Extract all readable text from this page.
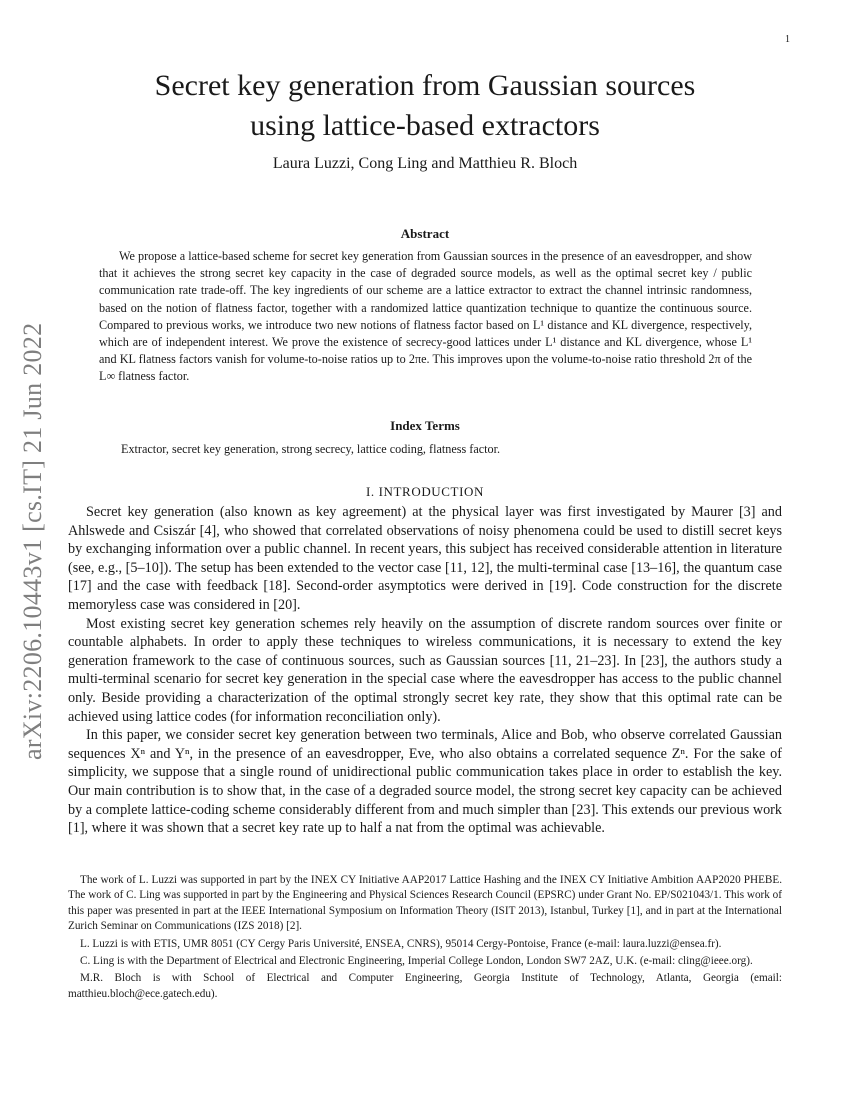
1
arXiv:2206.10443v1 [cs.IT] 21 Jun 2022
Secret key generation from Gaussian sources
using lattice-based extractors
Laura Luzzi, Cong Ling and Matthieu R. Bloch
Abstract

We propose a lattice-based scheme for secret key generation from Gaussian sources in the presence of an eavesdropper, and show that it achieves the strong secret key capacity in the case of degraded source models, as well as the optimal secret key / public communication rate trade-off. The key ingredients of our scheme are a lattice extractor to extract the channel intrinsic randomness, based on the notion of flatness factor, together with a randomized lattice quantization technique to quantize the continuous source. Compared to previous works, we introduce two new notions of flatness factor based on L¹ distance and KL divergence, respectively, which are of independent interest. We prove the existence of secrecy-good lattices under L¹ distance and KL divergence, whose L¹ and KL flatness factors vanish for volume-to-noise ratios up to 2πe. This improves upon the volume-to-noise ratio threshold 2π of the L∞ flatness factor.

Index Terms

Extractor, secret key generation, strong secrecy, lattice coding, flatness factor.

I. INTRODUCTION

Secret key generation (also known as key agreement) at the physical layer was first investigated by Maurer [3] and Ahlswede and Csiszár [4], who showed that correlated observations of noisy phenomena could be used to distill secret keys by exchanging information over a public channel. In recent years, this subject has received considerable attention in literature (see, e.g., [5–10]). The setup has been extended to the vector case [11, 12], the multi-terminal case [13–16], the quantum case [17] and the case with feedback [18]. Second-order asymptotics were derived in [19]. Code construction for the discrete memoryless case was considered in [20].

Most existing secret key generation schemes rely heavily on the assumption of discrete random sources over finite or countable alphabets. In order to apply these techniques to wireless communications, it is necessary to extend the key generation framework to the case of continuous sources, such as Gaussian sources [11, 21–23]. In [23], the authors study a multi-terminal scenario for secret key generation in the special case where the eavesdropper has access to the public channel only. Beside providing a characterization of the optimal strongly secret key rate, they show that this optimal rate can be achieved using lattice codes (for information reconciliation only).

In this paper, we consider secret key generation between two terminals, Alice and Bob, who observe correlated Gaussian sequences Xⁿ and Yⁿ, in the presence of an eavesdropper, Eve, who also obtains a correlated sequence Zⁿ. For the sake of simplicity, we suppose that a single round of unidirectional public communication takes place in order to establish the key. Our main contribution is to show that, in the case of a degraded source model, the strong secret key capacity can be achieved by a complete lattice-coding scheme considerably different from and much simpler than [23]. This extends our previous work [1], where it was shown that a secret key rate up to half a nat from the optimal was achievable.

The work of L. Luzzi was supported in part by the INEX CY Initiative AAP2017 Lattice Hashing and the INEX CY Initiative Ambition AAP2020 PHEBE. The work of C. Ling was supported in part by the Engineering and Physical Sciences Research Council (EPSRC) under Grant No. EP/S021043/1. This work of this paper was presented in part at the IEEE International Symposium on Information Theory (ISIT 2013), Istanbul, Turkey [1], and in part at the International Zurich Seminar on Communications (IZS 2018) [2].

L. Luzzi is with ETIS, UMR 8051 (CY Cergy Paris Université, ENSEA, CNRS), 95014 Cergy-Pontoise, France (e-mail: laura.luzzi@ensea.fr).

C. Ling is with the Department of Electrical and Electronic Engineering, Imperial College London, London SW7 2AZ, U.K. (e-mail: cling@ieee.org).

M.R. Bloch is with School of Electrical and Computer Engineering, Georgia Institute of Technology, Atlanta, Georgia (email: matthieu.bloch@ece.gatech.edu).
